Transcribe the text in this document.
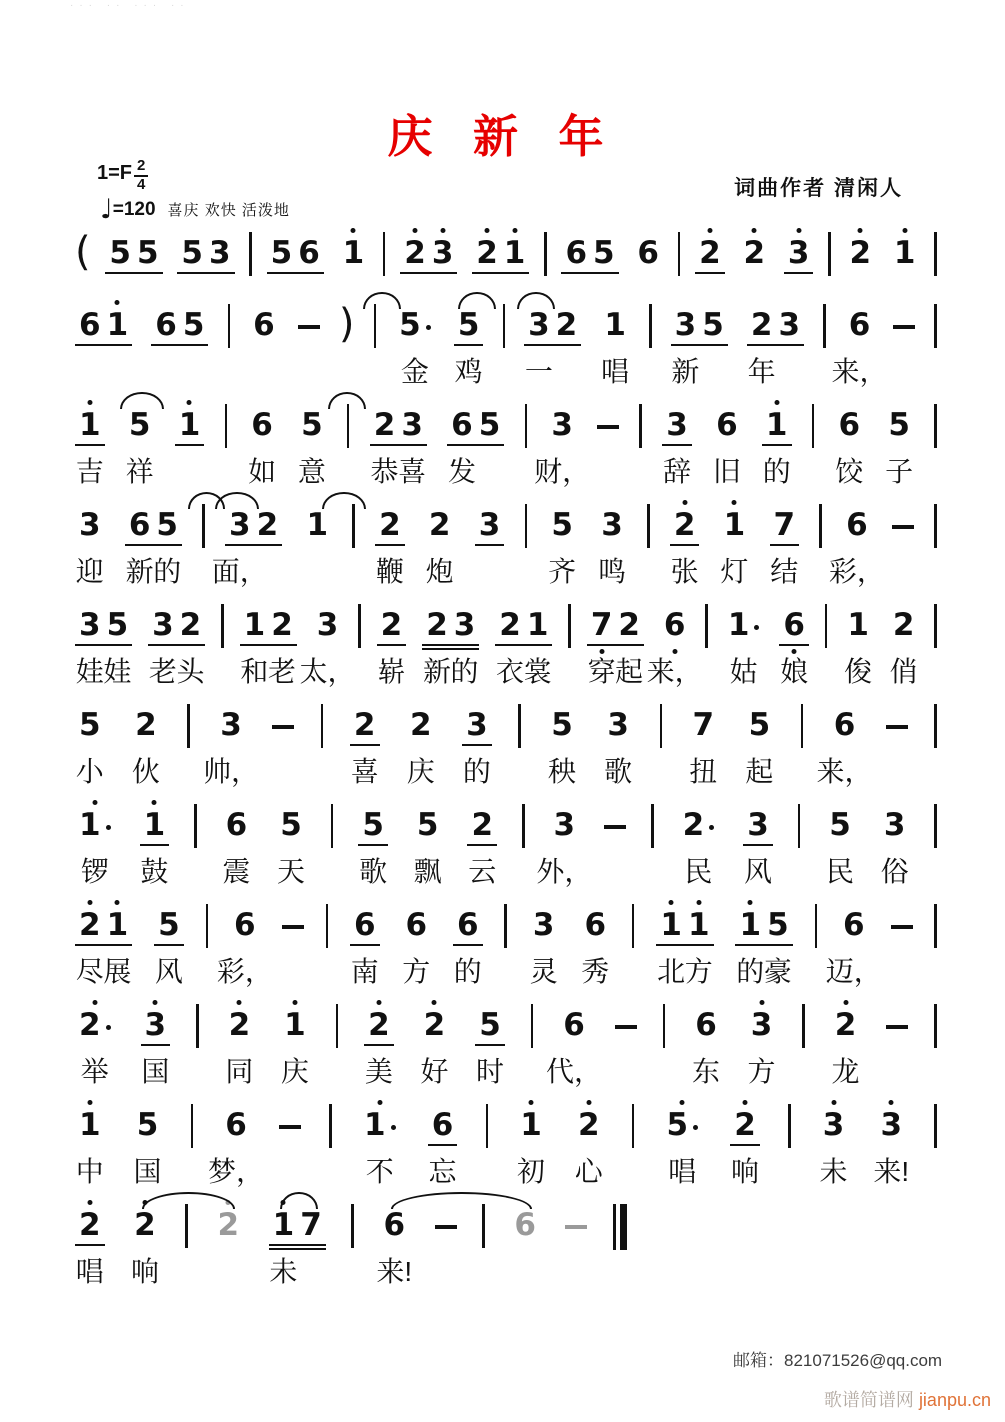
··· ·· ··· ··
庆 新 年
$1=F \frac{2}{4}$	词曲作者 清闲人
♩ =120 喜庆 欢快 活泼地
( 5 5 5 3 5 6 1 2 3 2 1 6 5 6 2 2 3 2 1
6 1 6 5 6 ) 5
金
5
鸡
3
一
2 1
唱
3
新
5 2
年
3 6
来，
1
吉
5
祥
1 6
如
5
意
2
恭
3
喜
6
发
5 3
财，
3
辞
6
旧
1
的
6
饺
5
子
3
迎
6
新
5
的
3
面，
2 1 2
鞭
2
炮
3 5
齐
3
鸣
2
张
1
灯
7
结
6
彩，
3
娃
5
娃
3
老
2
头
1
和
2
老
3
太，
2
崭
2
新
3
的
2
衣
1
裳
7
穿
2
起
6
来，
1
姑
6
娘
1
俊
2
俏
5
小
2
伙
3
帅，
2
喜
2
庆
3
的
5
秧
3
歌
7
扭
5
起
6
来，
1
锣
1
鼓
6
震
5
天
5
歌
5
飘
2
云
3
外，
2
民
3
风
5
民
3
俗
2
尽
1
展
5
风
6
彩，
6
南
6
方
6
的
3
灵
6
秀
1
北
1
方
1
的
5
豪
6
迈，
2
举
3
国
2
同
1
庆
2
美
2
好
5
时
6
代，
6
东
3
方
2
龙
1
中
5
国
6
梦，
1
不
6
忘
1
初
2
心
5
唱
2
响
3
未
3
来!
2
唱
2
响
2 1
未
7 6
来!
6
邮箱：821071526@qq.com
歌谱简谱网 jianpu.cn
